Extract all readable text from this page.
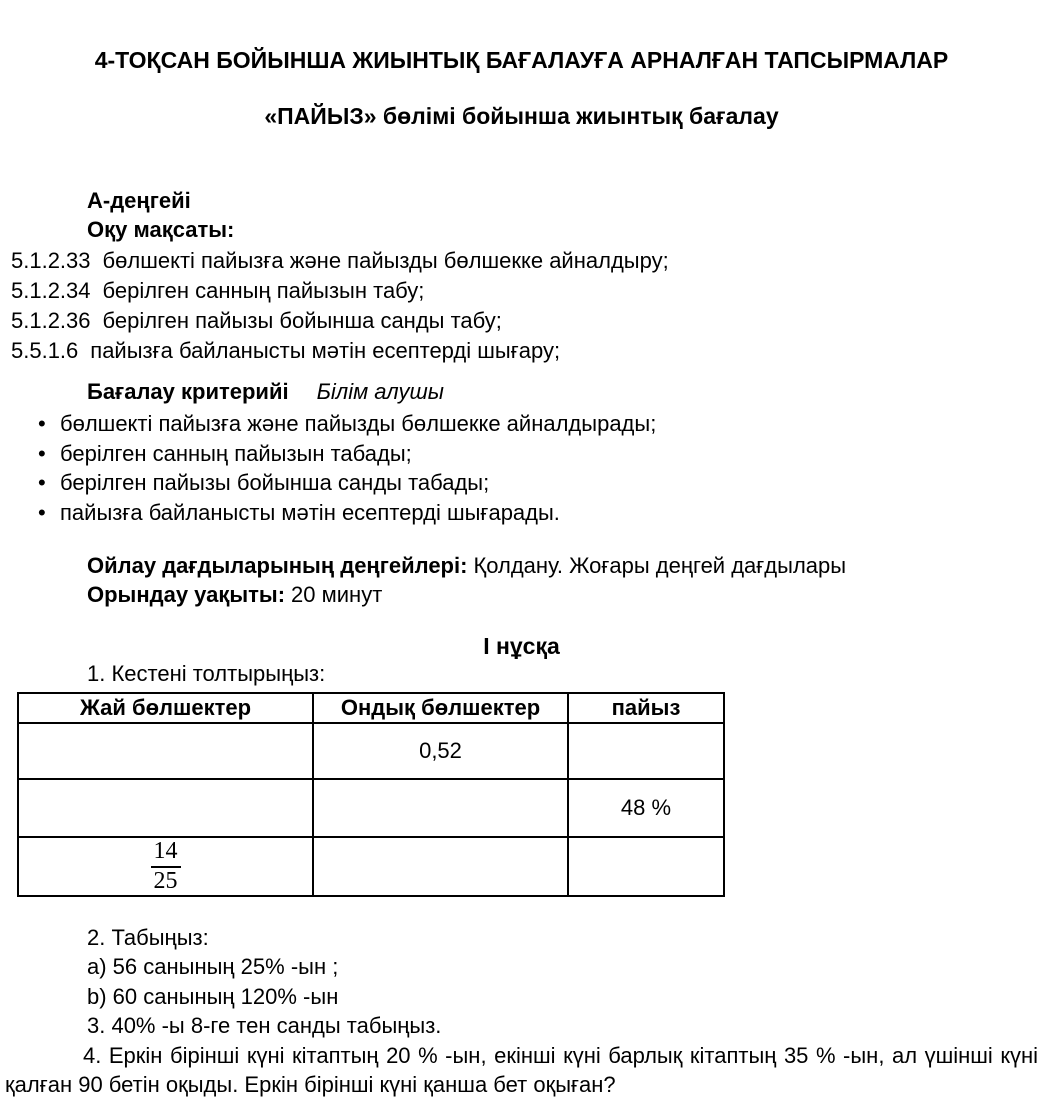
4-ТОҚСАН БОЙЫНША ЖИЫНТЫҚ БАҒАЛАУҒА АРНАЛҒАН ТАПСЫРМАЛАР
«ПАЙЫЗ» бөлімі бойынша жиынтық бағалау
А-деңгейі
Оқу мақсаты:
5.1.2.33 бөлшекті пайызға және пайызды бөлшекке айналдыру;
5.1.2.34 берілген санның пайызын табу;
5.1.2.36 берілген пайызы бойынша санды табу;
5.5.1.6 пайызға байланысты мәтін есептерді шығару;
Бағалау критерийі Білім алушы
• бөлшекті пайызға және пайызды бөлшекке айналдырады;
• берілген санның пайызын табады;
• берілген пайызы бойынша санды табады;
• пайызға байланысты мәтін есептерді шығарады.
Ойлау дағдыларының деңгейлері: Қолдану. Жоғары деңгей дағдылары
Орындау уақыты: 20 минут
І нұсқа
1. Кестені толтырыңыз:
Жай бөлшектер	Ондық бөлшектер	пайыз
	0,52	
		48 %

$\frac{14}{25}$

2. Табыңыз:
a) 56 санының 25% -ын ;
b) 60 санының 120% -ын
3. 40% -ы 8-ге тен санды табыңыз.
4. Еркін бірінші күні кітаптың 20 % -ын, екінші күні барлық кітаптың 35 % -ын, ал үшінші күні қалған 90 бетін оқыды. Еркін бірінші күні қанша бет оқыған?
